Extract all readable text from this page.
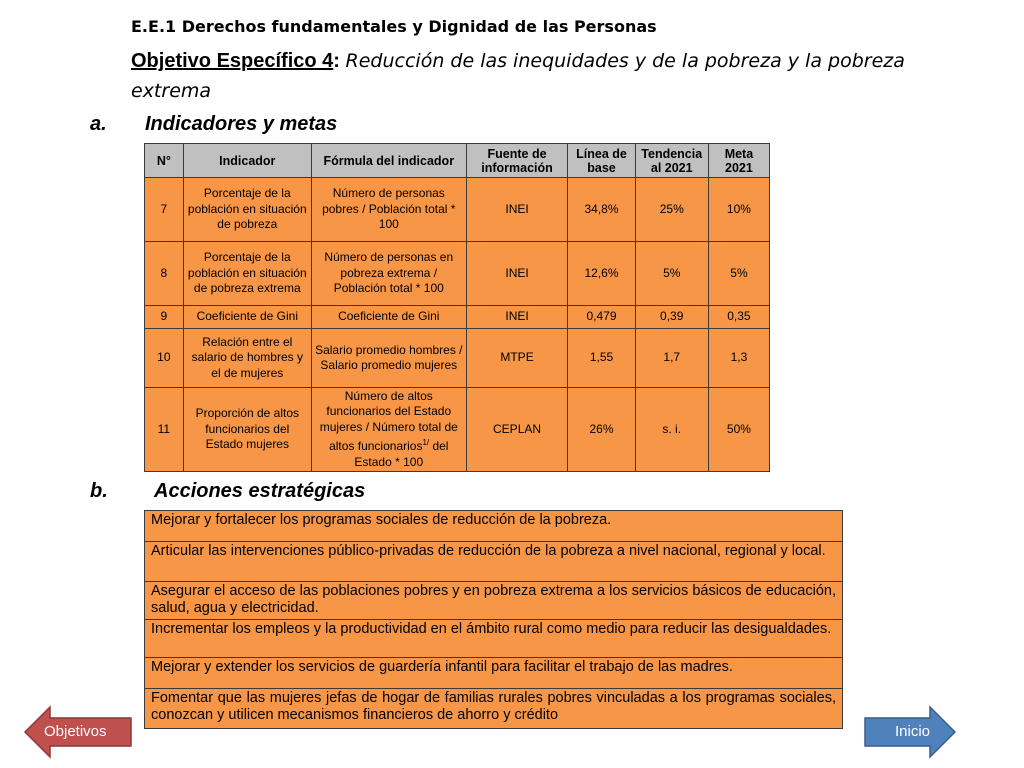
E.E.1 Derechos fundamentales y Dignidad de las Personas
Objetivo Específico 4: Reducción de las inequidades y de la pobreza y la pobreza extrema
a. Indicadores y metas
N°	Indicador	Fórmula del indicador	Fuente de información	Línea de base	Tendencia al 2021	Meta 2021
7	Porcentaje de la población en situación de pobreza	Número de personas pobres / Población total * 100	INEI	34,8%	25%	10%
8	Porcentaje de la población en situación de pobreza extrema	Número de personas en pobreza extrema / Población total * 100	INEI	12,6%	5%	5%
9	Coeficiente de Gini	Coeficiente de Gini	INEI	0,479	0,39	0,35
10	Relación entre el salario de hombres y el de mujeres	Salario promedio hombres / Salario promedio mujeres	MTPE	1,55	1,7	1,3
11	Proporción de altos funcionarios del Estado mujeres	Número de altos funcionarios del Estado mujeres / Número total de altos funcionarios$^{1/}$ del Estado * 100	CEPLAN	26%	s. i.	50%
b. Acciones estratégicas
Mejorar y fortalecer los programas sociales de reducción de la pobreza.
Articular las intervenciones público-privadas de reducción de la pobreza a nivel nacional, regional y local.
Asegurar el acceso de las poblaciones pobres y en pobreza extrema a los servicios básicos de educación, salud, agua y electricidad.
Incrementar los empleos y la productividad en el ámbito rural como medio para reducir las desigualdades.
Mejorar y extender los servicios de guardería infantil para facilitar el trabajo de las madres.
Fomentar que las mujeres jefas de hogar de familias rurales pobres vinculadas a los programas sociales, conozcan y utilicen mecanismos financieros de ahorro y crédito
Objetivos	Inicio
